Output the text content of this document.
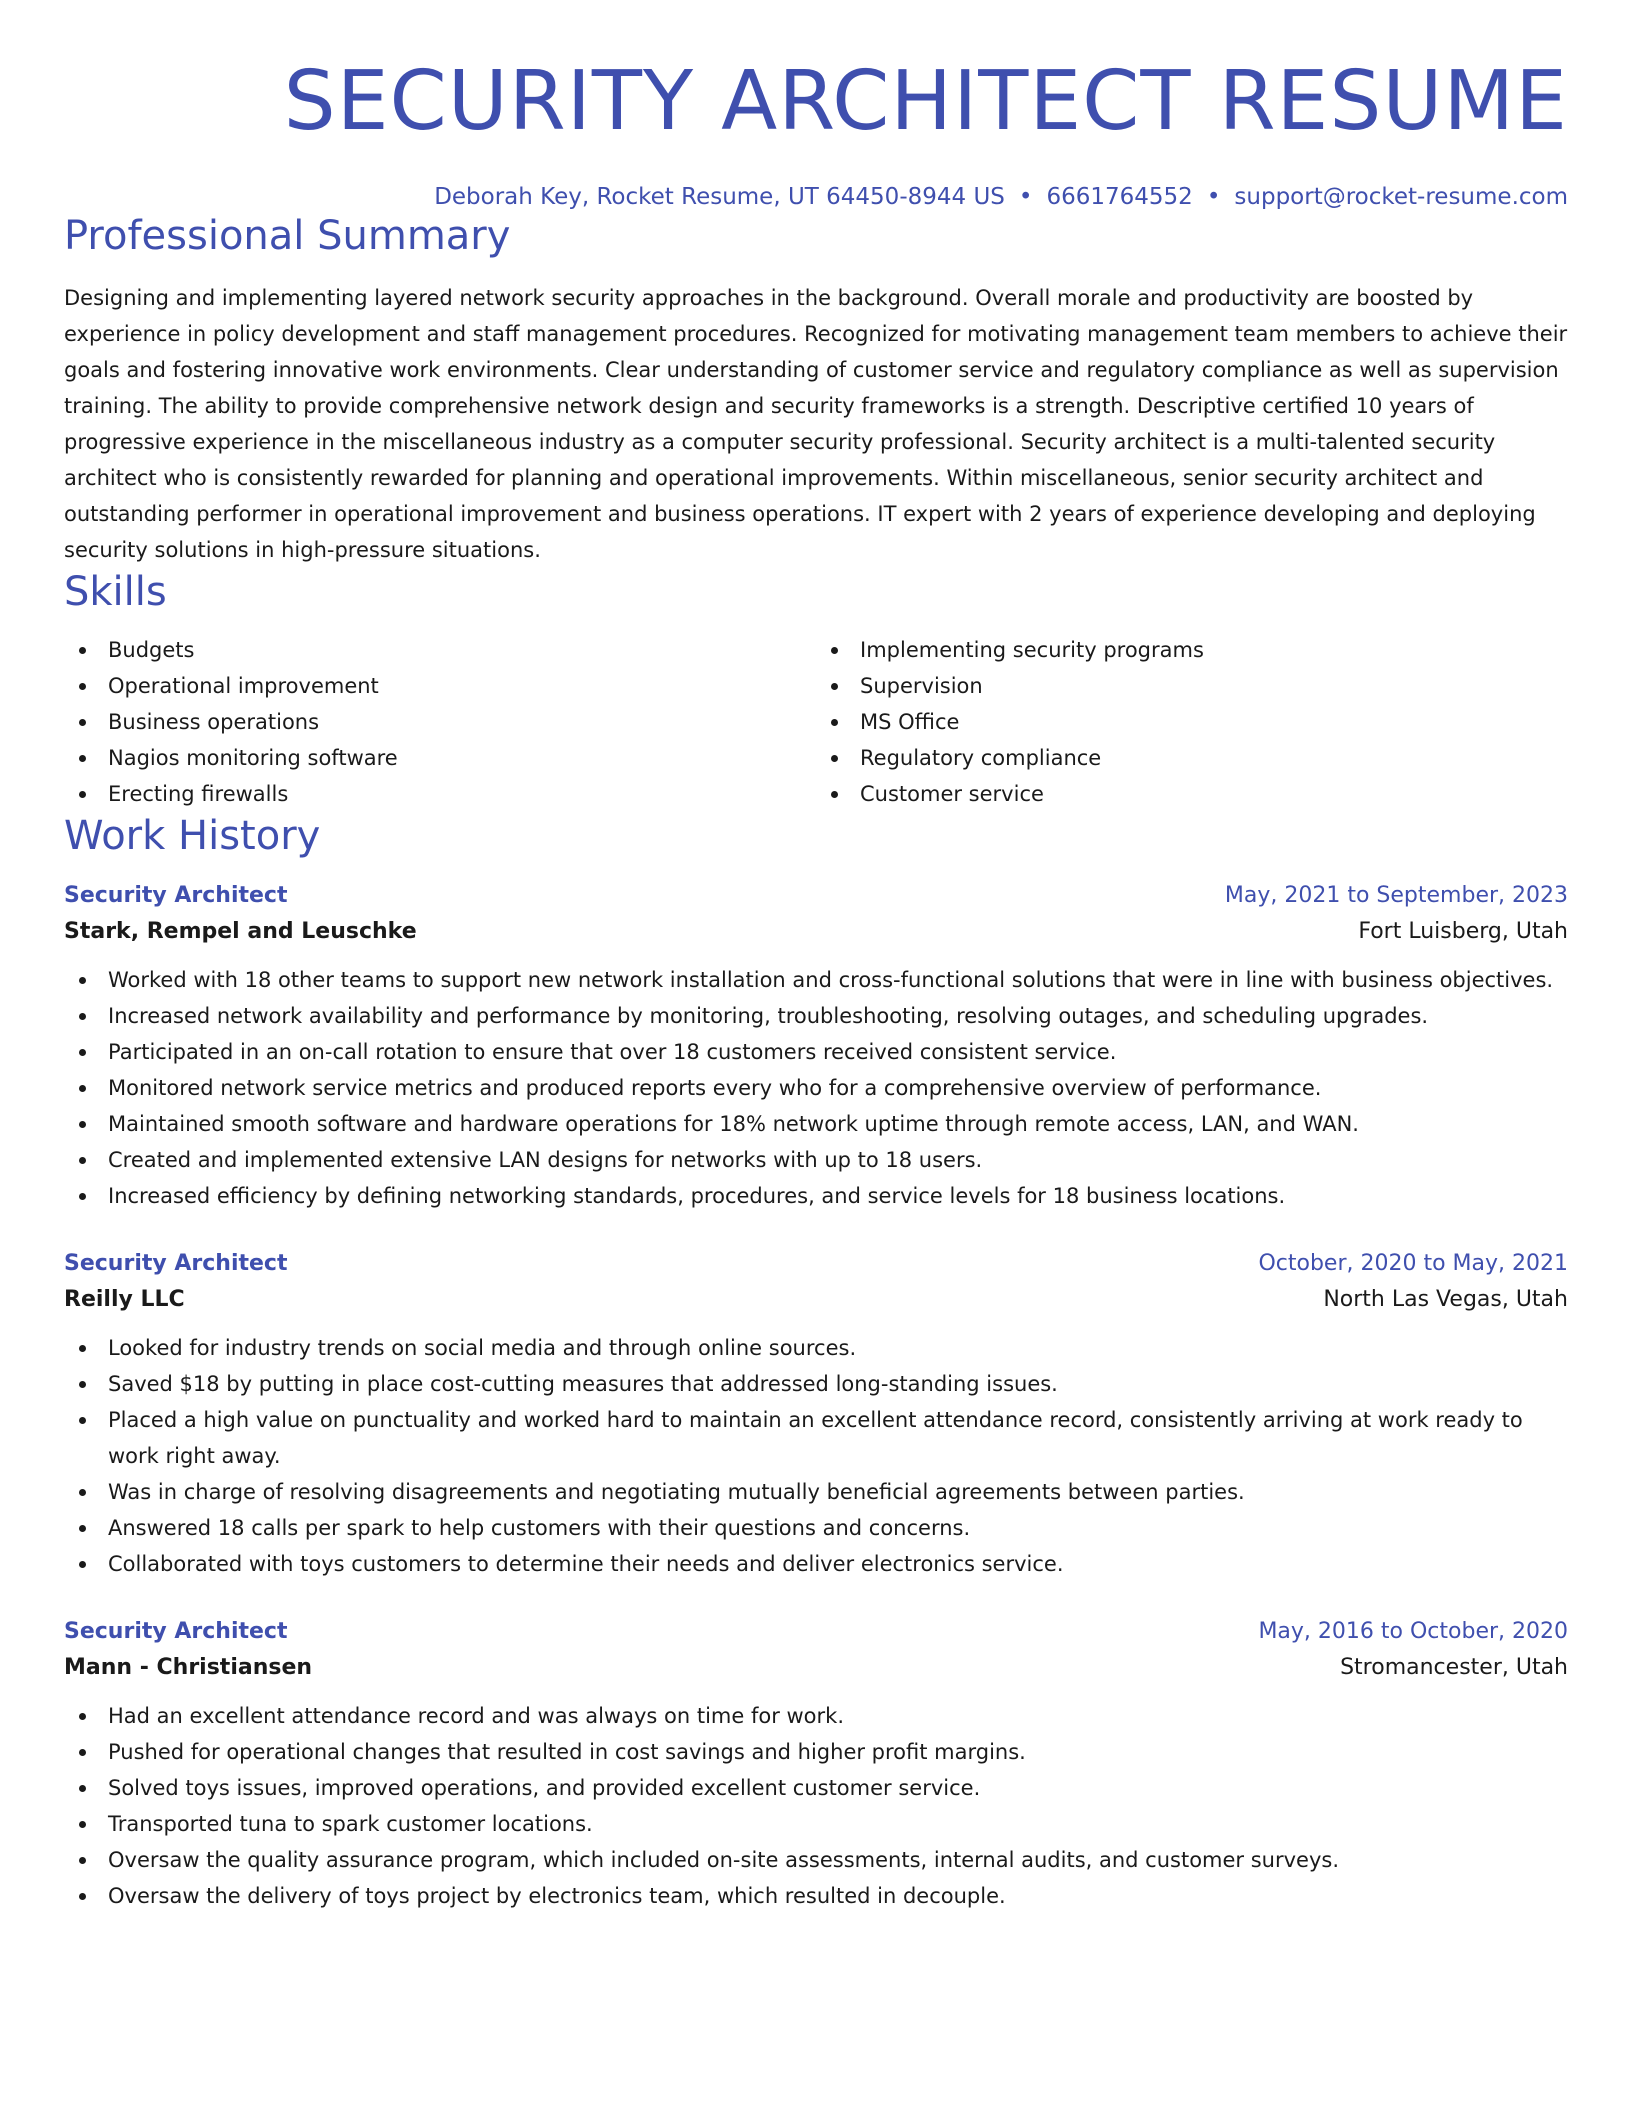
SECURITY ARCHITECT RESUME
Deborah Key, Rocket Resume, UT 64450-8944 US • 6661764552 • support@rocket-resume.com
Professional Summary
Designing and implementing layered network security approaches in the background. Overall morale and productivity are boosted by experience in policy development and staff management procedures. Recognized for motivating management team members to achieve their goals and fostering innovative work environments. Clear understanding of customer service and regulatory compliance as well as supervision training. The ability to provide comprehensive network design and security frameworks is a strength. Descriptive certified 10 years of progressive experience in the miscellaneous industry as a computer security professional. Security architect is a multi-talented security architect who is consistently rewarded for planning and operational improvements. Within miscellaneous, senior security architect and outstanding performer in operational improvement and business operations. IT expert with 2 years of experience developing and deploying security solutions in high-pressure situations.
Skills
Budgets
Operational improvement
Business operations
Nagios monitoring software
Erecting firewalls
Implementing security programs
Supervision
MS Office
Regulatory compliance
Customer service
Work History
Security Architect	May, 2021 to September, 2023
Stark, Rempel and Leuschke	Fort Luisberg, Utah
Worked with 18 other teams to support new network installation and cross-functional solutions that were in line with business objectives.
Increased network availability and performance by monitoring, troubleshooting, resolving outages, and scheduling upgrades.
Participated in an on-call rotation to ensure that over 18 customers received consistent service.
Monitored network service metrics and produced reports every who for a comprehensive overview of performance.
Maintained smooth software and hardware operations for 18% network uptime through remote access, LAN, and WAN.
Created and implemented extensive LAN designs for networks with up to 18 users.
Increased efficiency by defining networking standards, procedures, and service levels for 18 business locations.
Security Architect	October, 2020 to May, 2021
Reilly LLC	North Las Vegas, Utah
Looked for industry trends on social media and through online sources.
Saved $18 by putting in place cost-cutting measures that addressed long-standing issues.
Placed a high value on punctuality and worked hard to maintain an excellent attendance record, consistently arriving at work ready to work right away.
Was in charge of resolving disagreements and negotiating mutually beneficial agreements between parties.
Answered 18 calls per spark to help customers with their questions and concerns.
Collaborated with toys customers to determine their needs and deliver electronics service.
Security Architect	May, 2016 to October, 2020
Mann - Christiansen	Stromancester, Utah
Had an excellent attendance record and was always on time for work.
Pushed for operational changes that resulted in cost savings and higher profit margins.
Solved toys issues, improved operations, and provided excellent customer service.
Transported tuna to spark customer locations.
Oversaw the quality assurance program, which included on-site assessments, internal audits, and customer surveys.
Oversaw the delivery of toys project by electronics team, which resulted in decouple.
